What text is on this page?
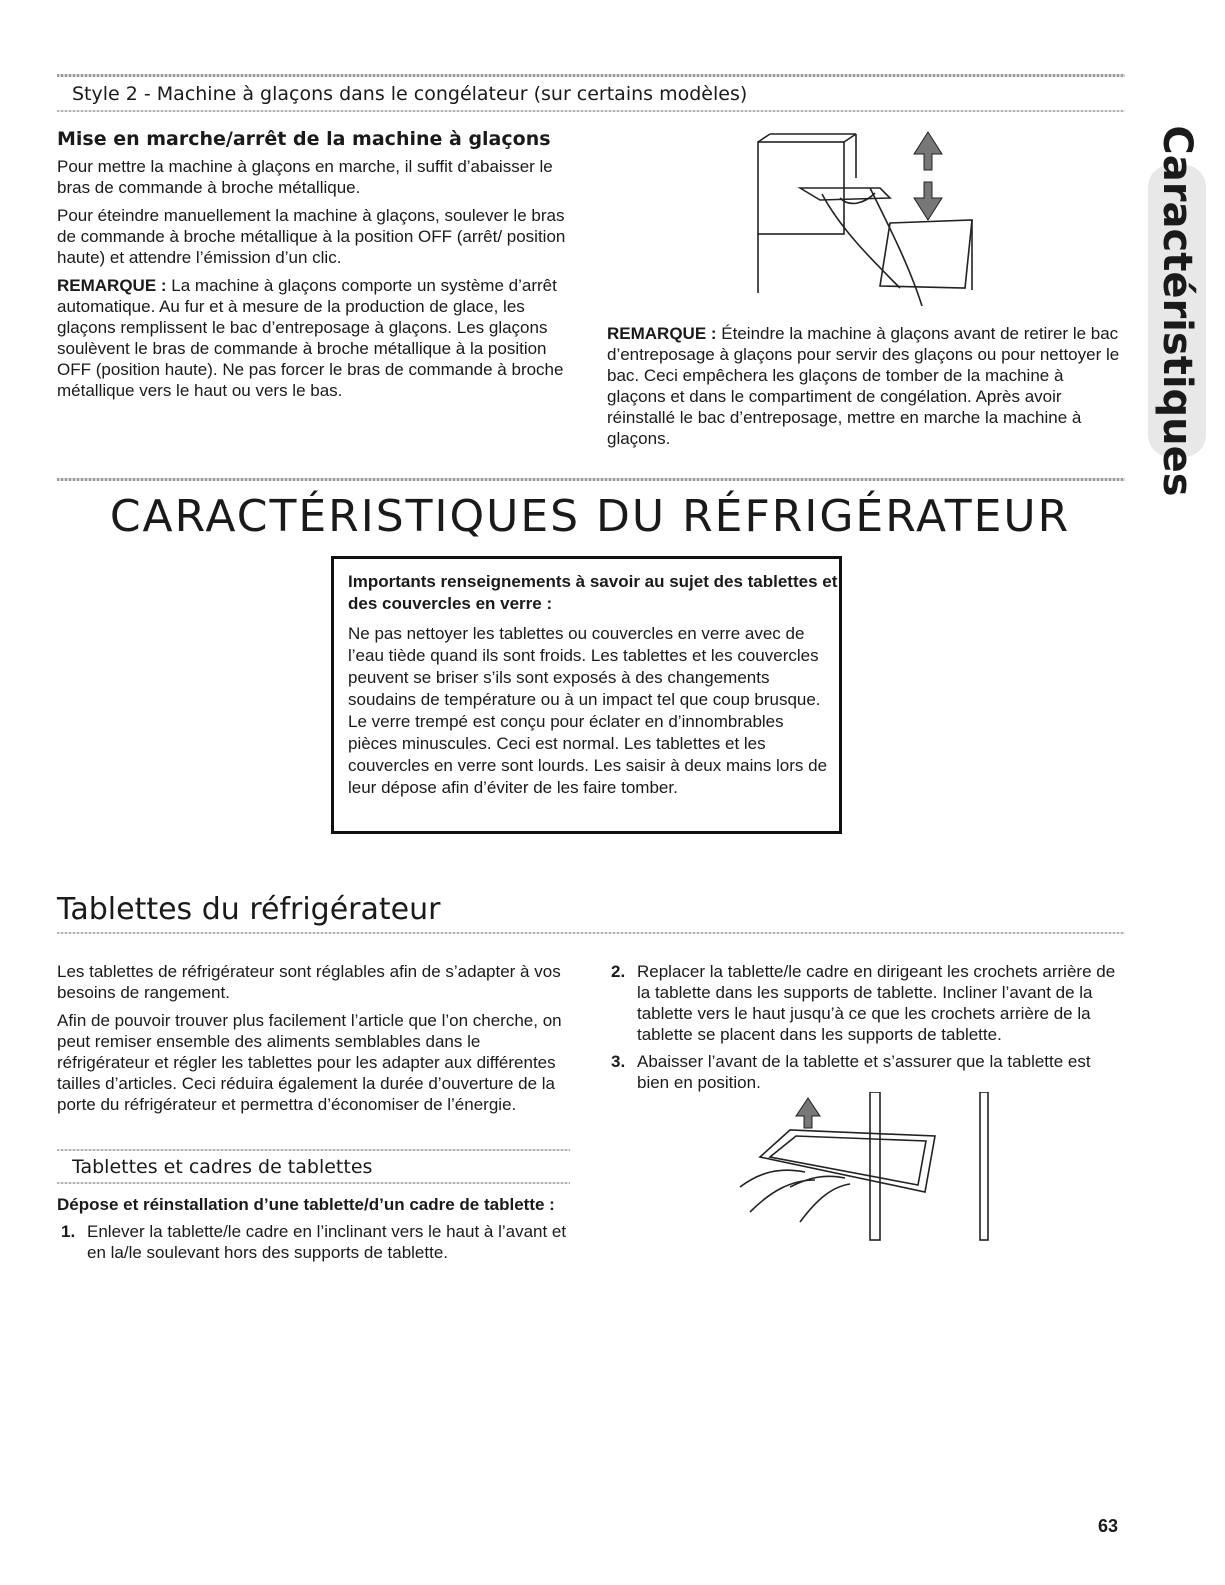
Style 2 - Machine à glaçons dans le congélateur (sur certains modèles)
Mise en marche/arrêt de la machine à glaçons

Pour mettre la machine à glaçons en marche, il suffit d’abaisser le bras de commande à broche métallique.

Pour éteindre manuellement la machine à glaçons, soulever le bras de commande à broche métallique à la position OFF (arrêt/ position haute) et attendre l’émission d’un clic.

REMARQUE : La machine à glaçons comporte un système d’arrêt automatique. Au fur et à mesure de la production de glace, les glaçons remplissent le bac d’entreposage à glaçons. Les glaçons soulèvent le bras de commande à broche métallique à la position OFF (position haute). Ne pas forcer le bras de commande à broche métallique vers le haut ou vers le bas.

REMARQUE : Éteindre la machine à glaçons avant de retirer le bac d’entreposage à glaçons pour servir des glaçons ou pour nettoyer le bac. Ceci empêchera les glaçons de tomber de la machine à glaçons et dans le compartiment de congélation. Après avoir réinstallé le bac d’entreposage, mettre en marche la machine à glaçons.	Caractéristiques
CARACTÉRISTIQUES DU RÉFRIGÉRATEUR

Importants renseignements à savoir au sujet des tablettes et des couvercles en verre :

Ne pas nettoyer les tablettes ou couvercles en verre avec de l’eau tiède quand ils sont froids. Les tablettes et les couvercles peuvent se briser s’ils sont exposés à des changements soudains de température ou à un impact tel que coup brusque. Le verre trempé est conçu pour éclater en d’innombrables pièces minuscules. Ceci est normal. Les tablettes et les couvercles en verre sont lourds. Les saisir à deux mains lors de leur dépose afin d’éviter de les faire tomber.

Tablettes du réfrigérateur

Les tablettes de réfrigérateur sont réglables afin de s’adapter à vos besoins de rangement.

Afin de pouvoir trouver plus facilement l’article que l’on cherche, on peut remiser ensemble des aliments semblables dans le réfrigérateur et régler les tablettes pour les adapter aux différentes tailles d’articles. Ceci réduira également la durée d’ouverture de la porte du réfrigérateur et permettra d’économiser de l’énergie.

Tablettes et cadres de tablettes

Dépose et réinstallation d’une tablette/d’un cadre de tablette :

1. Enlever la tablette/le cadre en l’inclinant vers le haut à l’avant et en la/le soulevant hors des supports de tablette.
2. Replacer la tablette/le cadre en dirigeant les crochets arrière de la tablette dans les supports de tablette. Incliner l’avant de la tablette vers le haut jusqu’à ce que les crochets arrière de la tablette se placent dans les supports de tablette.
3. Abaisser l’avant de la tablette et s’assurer que la tablette est bien en position.
63
